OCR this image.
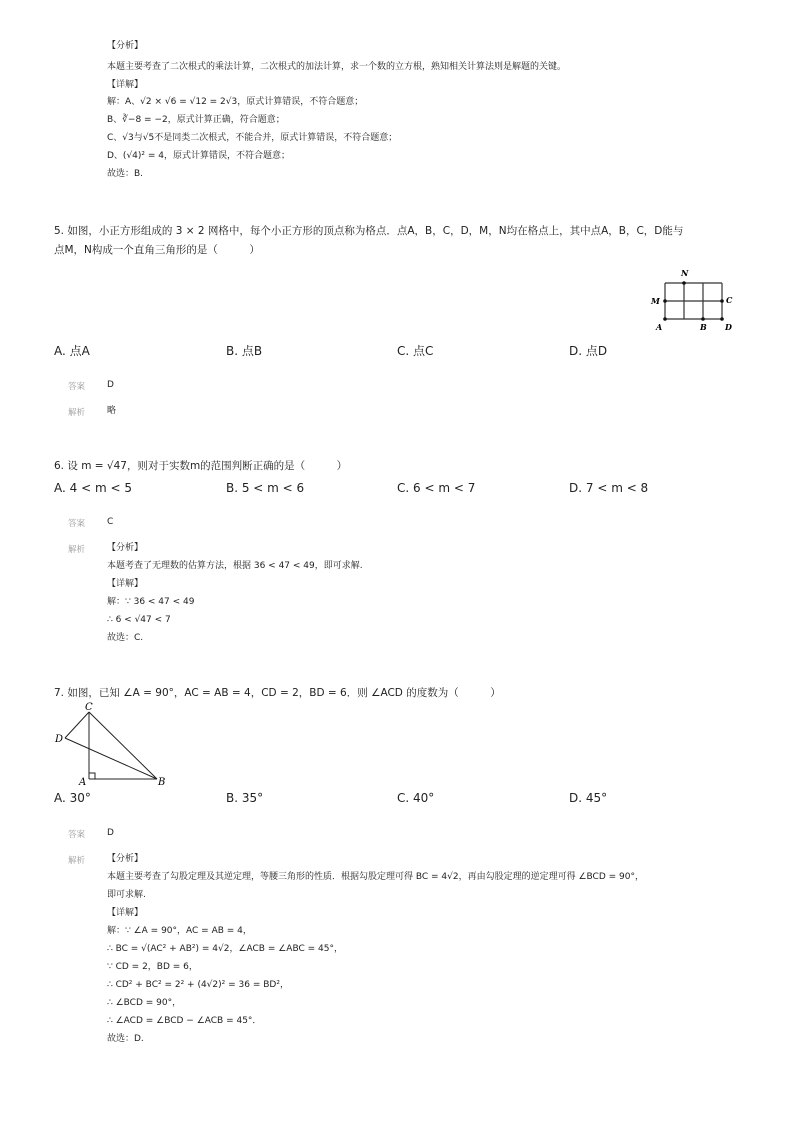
【分析】
本题主要考查了二次根式的乘法计算，二次根式的加法计算，求一个数的立方根，熟知相关计算法则是解题的关键。
【详解】
解：A、√2 × √6 = √12 = 2√3，原式计算错误，不符合题意；
B、∛−8 = −2，原式计算正确，符合题意；
C、√3与√5不是同类二次根式，不能合并，原式计算错误，不符合题意；
D、(√4)² = 4，原式计算错误，不符合题意；
故选：B.
5. 如图，小正方形组成的 3 × 2 网格中，每个小正方形的顶点称为格点．点A，B，C，D，M，N均在格点上，其中点A，B，C，D能与
点M，N构成一个直角三角形的是（　　　）
N
M	C
A	B D
A. 点A	B. 点B	C. 点C	D. 点D
答案 D
解析 略
6. 设 m = √47，则对于实数m的范围判断正确的是（　　　）
A. 4 < m < 5	B. 5 < m < 6	C. 6 < m < 7	D. 7 < m < 8
答案 C
解析 【分析】
本题考查了无理数的估算方法，根据 36 < 47 < 49，即可求解.
【详解】
解：∵ 36 < 47 < 49
∴ 6 < √47 < 7
故选：C.
7. 如图，已知 ∠A = 90°，AC = AB = 4，CD = 2，BD = 6．则 ∠ACD 的度数为（　　　）
C
D
A	B
A. 30°	B. 35°	C. 40°	D. 45°
答案 D
解析 【分析】
本题主要考查了勾股定理及其逆定理，等腰三角形的性质．根据勾股定理可得 BC = 4√2，再由勾股定理的逆定理可得 ∠BCD = 90°，
即可求解.
【详解】
解：∵ ∠A = 90°，AC = AB = 4，
∴ BC = √(AC² + AB²) = 4√2，∠ACB = ∠ABC = 45°，
∵ CD = 2，BD = 6，
∴ CD² + BC² = 2² + (4√2)² = 36 = BD²，
∴ ∠BCD = 90°，
∴ ∠ACD = ∠BCD − ∠ACB = 45°．
故选：D.
